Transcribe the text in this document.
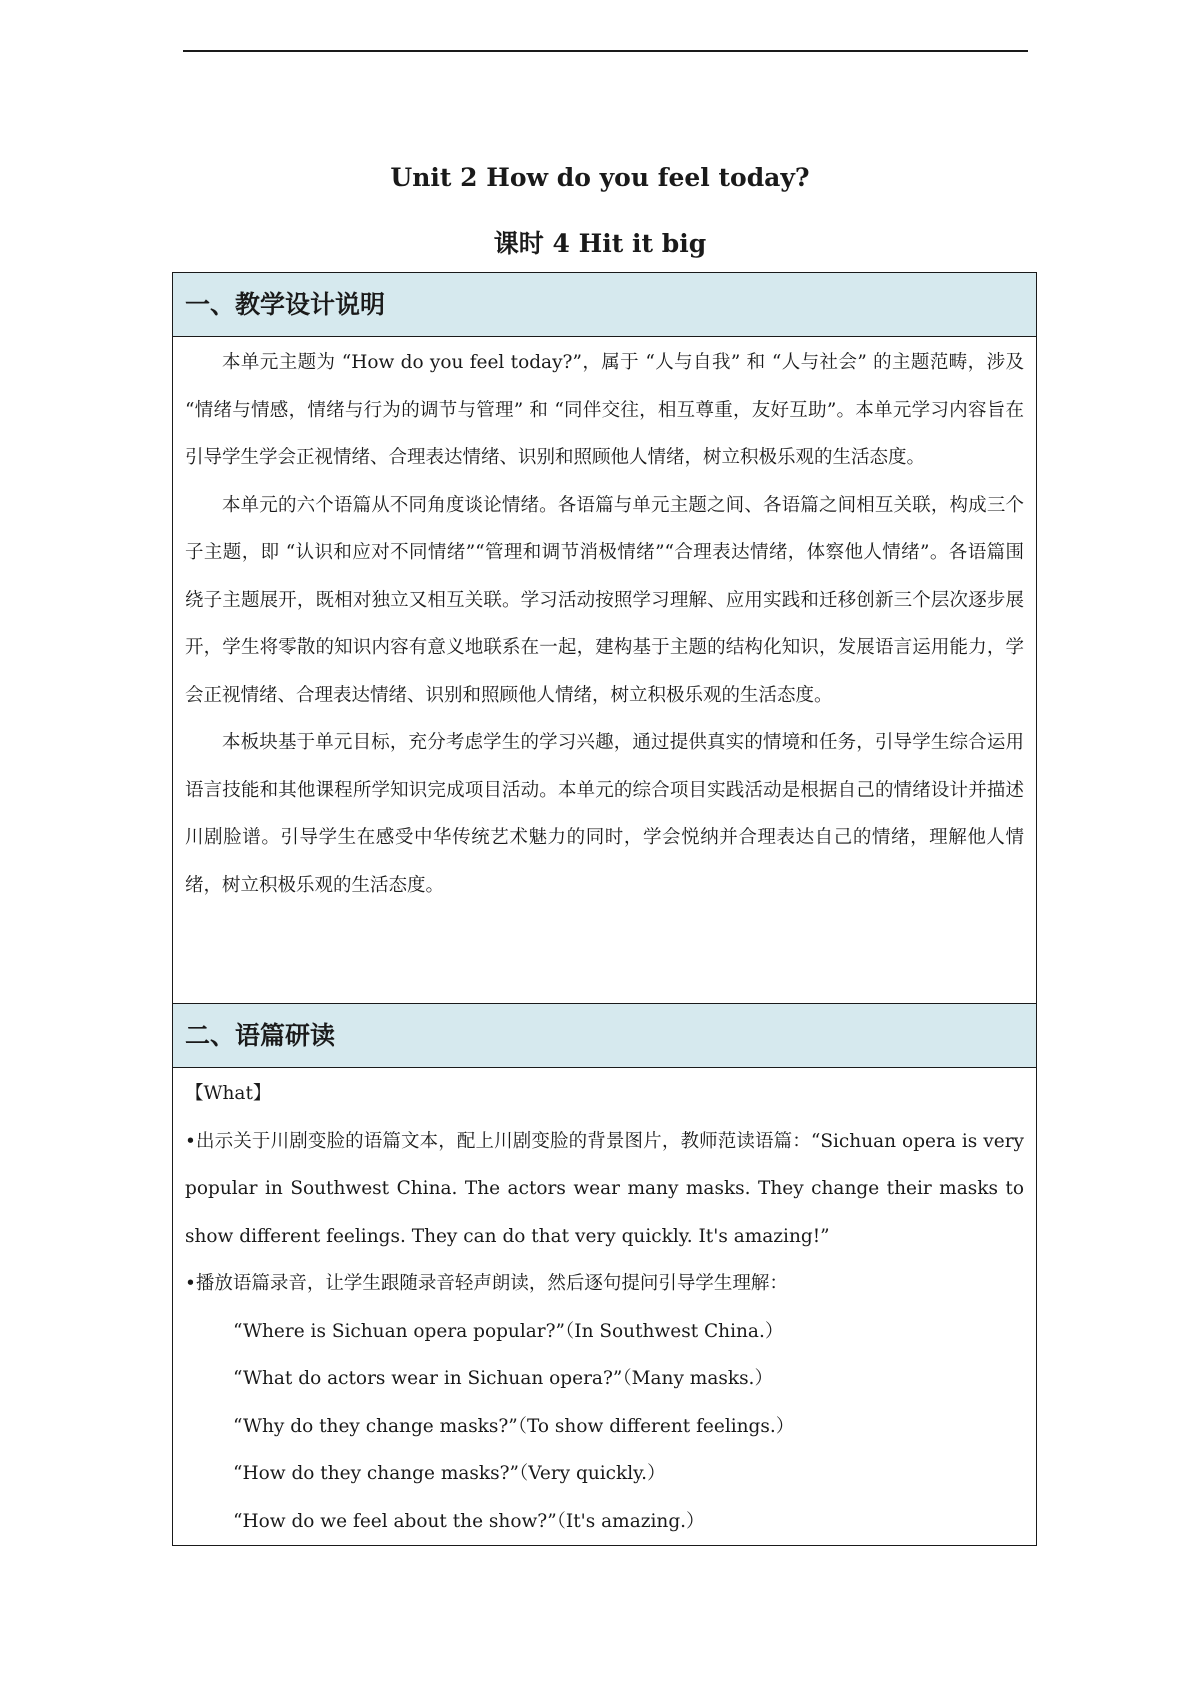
Unit 2 How do you feel today?
课时 4 Hit it big
一、教学设计说明

本单元主题为 “How do you feel today?”，属于 “人与自我” 和 “人与社会” 的主题范畴，涉及 “情绪与情感，情绪与行为的调节与管理” 和 “同伴交往，相互尊重，友好互助”。本单元学习内容旨在引导学生学会正视情绪、合理表达情绪、识别和照顾他人情绪，树立积极乐观的生活态度。

本单元的六个语篇从不同角度谈论情绪。各语篇与单元主题之间、各语篇之间相互关联，构成三个子主题，即 “认识和应对不同情绪”“管理和调节消极情绪”“合理表达情绪，体察他人情绪”。各语篇围绕子主题展开，既相对独立又相互关联。学习活动按照学习理解、应用实践和迁移创新三个层次逐步展开，学生将零散的知识内容有意义地联系在一起，建构基于主题的结构化知识，发展语言运用能力，学会正视情绪、合理表达情绪、识别和照顾他人情绪，树立积极乐观的生活态度。

本板块基于单元目标，充分考虑学生的学习兴趣，通过提供真实的情境和任务，引导学生综合运用语言技能和其他课程所学知识完成项目活动。本单元的综合项目实践活动是根据自己的情绪设计并描述川剧脸谱。引导学生在感受中华传统艺术魅力的同时，学会悦纳并合理表达自己的情绪，理解他人情绪，树立积极乐观的生活态度。

二、语篇研读

【What】

•出示关于川剧变脸的语篇文本，配上川剧变脸的背景图片，教师范读语篇：“Sichuan opera is very popular in Southwest China. The actors wear many masks. They change their masks to show different feelings. They can do that very quickly. It's amazing!”

•播放语篇录音，让学生跟随录音轻声朗读，然后逐句提问引导学生理解：

“Where is Sichuan opera popular?”（In Southwest China.）

“What do actors wear in Sichuan opera?”（Many masks.）

“Why do they change masks?”（To show different feelings.）

“How do they change masks?”（Very quickly.）

“How do we feel about the show?”（It's amazing.）
